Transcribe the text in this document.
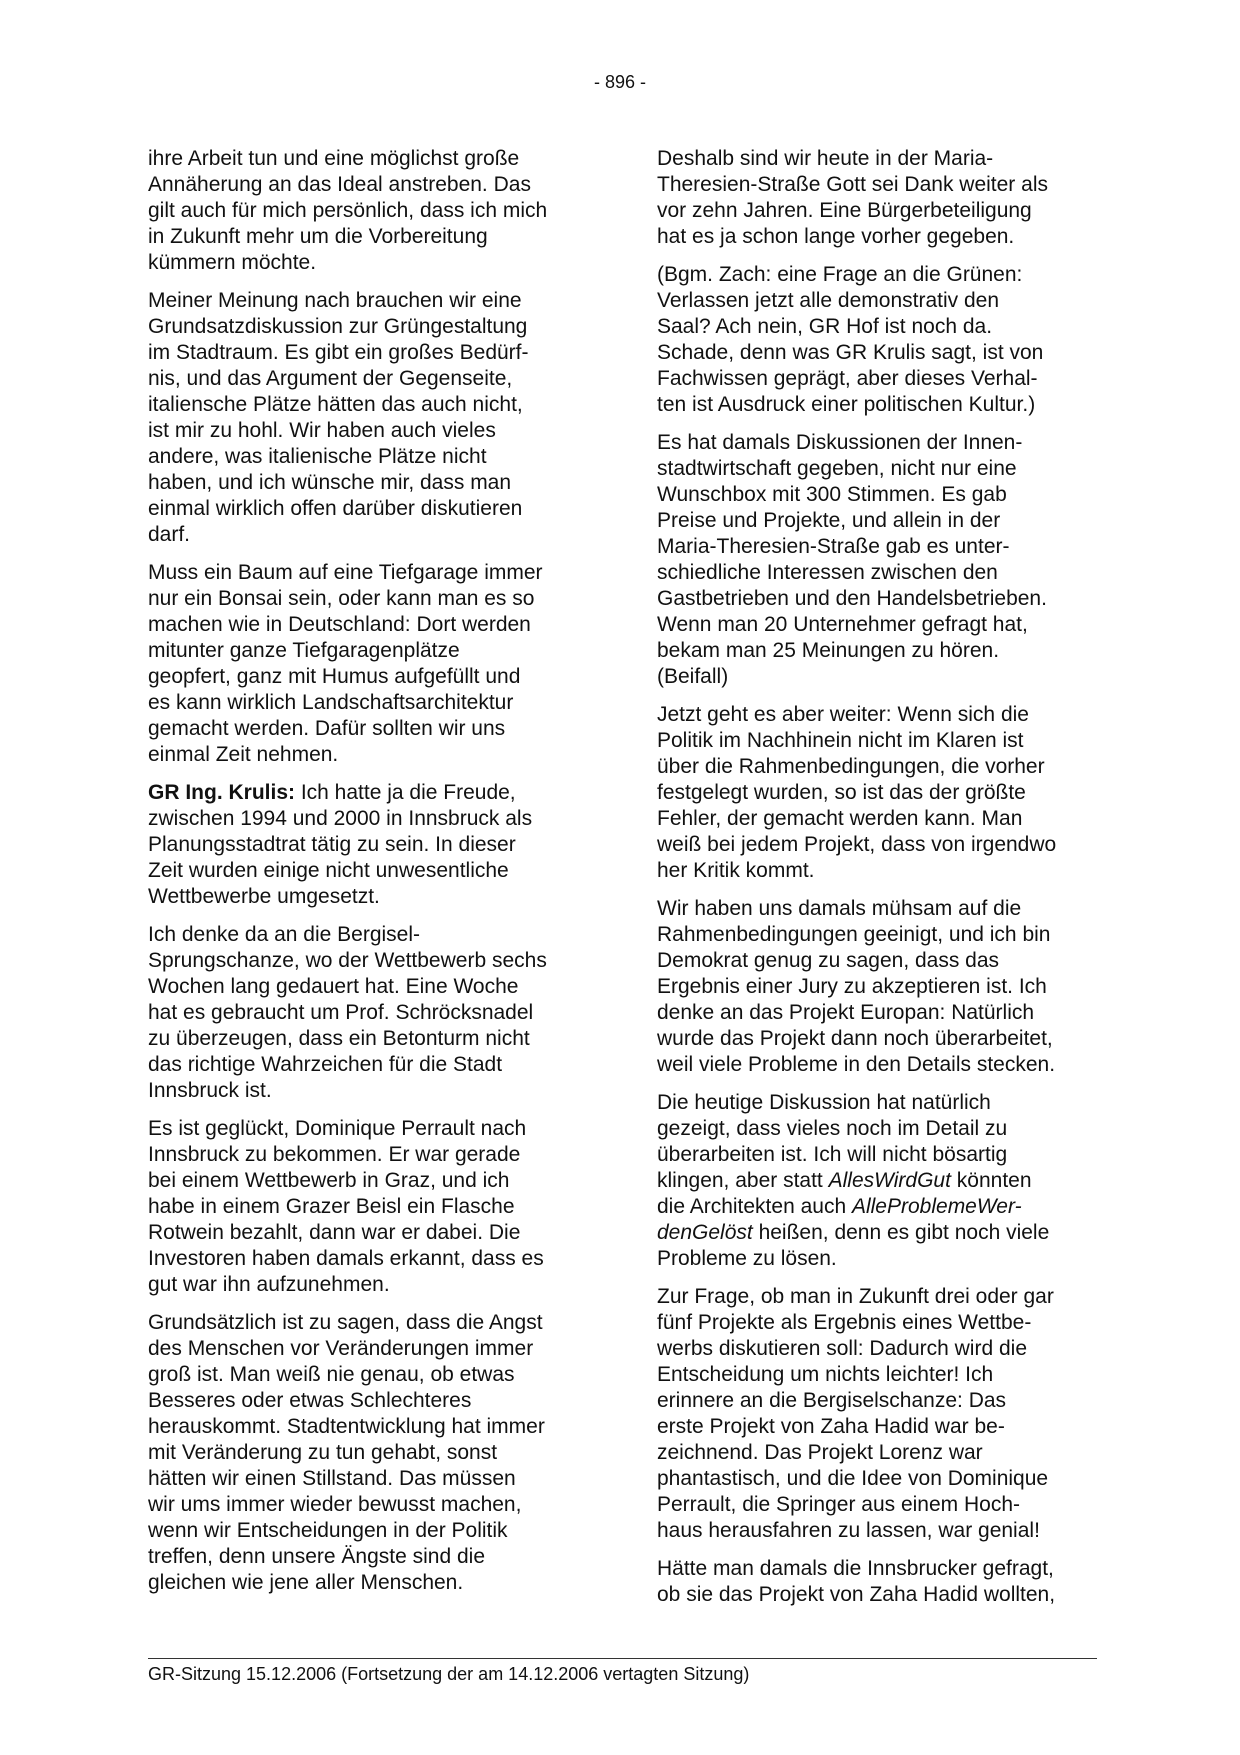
- 896 -

ihre Arbeit tun und eine möglichst große
Annäherung an das Ideal anstreben. Das
gilt auch für mich persönlich, dass ich mich
in Zukunft mehr um die Vorbereitung
kümmern möchte.

Meiner Meinung nach brauchen wir eine
Grundsatzdiskussion zur Grüngestaltung
im Stadtraum. Es gibt ein großes Bedürf-
nis, und das Argument der Gegenseite,
italiensche Plätze hätten das auch nicht,
ist mir zu hohl. Wir haben auch vieles
andere, was italienische Plätze nicht
haben, und ich wünsche mir, dass man
einmal wirklich offen darüber diskutieren
darf.

Muss ein Baum auf eine Tiefgarage immer
nur ein Bonsai sein, oder kann man es so
machen wie in Deutschland: Dort werden
mitunter ganze Tiefgaragenplätze
geopfert, ganz mit Humus aufgefüllt und
es kann wirklich Landschaftsarchitektur
gemacht werden. Dafür sollten wir uns
einmal Zeit nehmen.

GR Ing. Krulis: Ich hatte ja die Freude,
zwischen 1994 und 2000 in Innsbruck als
Planungsstadtrat tätig zu sein. In dieser
Zeit wurden einige nicht unwesentliche
Wettbewerbe umgesetzt.

Ich denke da an die Bergisel-
Sprungschanze, wo der Wettbewerb sechs
Wochen lang gedauert hat. Eine Woche
hat es gebraucht um Prof. Schröcksnadel
zu überzeugen, dass ein Betonturm nicht
das richtige Wahrzeichen für die Stadt
Innsbruck ist.

Es ist geglückt, Dominique Perrault nach
Innsbruck zu bekommen. Er war gerade
bei einem Wettbewerb in Graz, und ich
habe in einem Grazer Beisl ein Flasche
Rotwein bezahlt, dann war er dabei. Die
Investoren haben damals erkannt, dass es
gut war ihn aufzunehmen.

Grundsätzlich ist zu sagen, dass die Angst
des Menschen vor Veränderungen immer
groß ist. Man weiß nie genau, ob etwas
Besseres oder etwas Schlechteres
herauskommt. Stadtentwicklung hat immer
mit Veränderung zu tun gehabt, sonst
hätten wir einen Stillstand. Das müssen
wir ums immer wieder bewusst machen,
wenn wir Entscheidungen in der Politik
treffen, denn unsere Ängste sind die
gleichen wie jene aller Menschen.

Deshalb sind wir heute in der Maria-
Theresien-Straße Gott sei Dank weiter als
vor zehn Jahren. Eine Bürgerbeteiligung
hat es ja schon lange vorher gegeben.

(Bgm. Zach: eine Frage an die Grünen:
Verlassen jetzt alle demonstrativ den
Saal? Ach nein, GR Hof ist noch da.
Schade, denn was GR Krulis sagt, ist von
Fachwissen geprägt, aber dieses Verhal-
ten ist Ausdruck einer politischen Kultur.)

Es hat damals Diskussionen der Innen-
stadtwirtschaft gegeben, nicht nur eine
Wunschbox mit 300 Stimmen. Es gab
Preise und Projekte, und allein in der
Maria-Theresien-Straße gab es unter-
schiedliche Interessen zwischen den
Gastbetrieben und den Handelsbetrieben.
Wenn man 20 Unternehmer gefragt hat,
bekam man 25 Meinungen zu hören.
(Beifall)

Jetzt geht es aber weiter: Wenn sich die
Politik im Nachhinein nicht im Klaren ist
über die Rahmenbedingungen, die vorher
festgelegt wurden, so ist das der größte
Fehler, der gemacht werden kann. Man
weiß bei jedem Projekt, dass von irgendwo
her Kritik kommt.

Wir haben uns damals mühsam auf die
Rahmenbedingungen geeinigt, und ich bin
Demokrat genug zu sagen, dass das
Ergebnis einer Jury zu akzeptieren ist. Ich
denke an das Projekt Europan: Natürlich
wurde das Projekt dann noch überarbeitet,
weil viele Probleme in den Details stecken.

Die heutige Diskussion hat natürlich
gezeigt, dass vieles noch im Detail zu
überarbeiten ist. Ich will nicht bösartig
klingen, aber statt AllesWirdGut könnten
die Architekten auch AlleProblemeWer-
denGelöst heißen, denn es gibt noch viele
Probleme zu lösen.

Zur Frage, ob man in Zukunft drei oder gar
fünf Projekte als Ergebnis eines Wettbe-
werbs diskutieren soll: Dadurch wird die
Entscheidung um nichts leichter! Ich
erinnere an die Bergiselschanze: Das
erste Projekt von Zaha Hadid war be-
zeichnend. Das Projekt Lorenz war
phantastisch, und die Idee von Dominique
Perrault, die Springer aus einem Hoch-
haus herausfahren zu lassen, war genial!

Hätte man damals die Innsbrucker gefragt,
ob sie das Projekt von Zaha Hadid wollten,

GR-Sitzung 15.12.2006 (Fortsetzung der am 14.12.2006 vertagten Sitzung)
